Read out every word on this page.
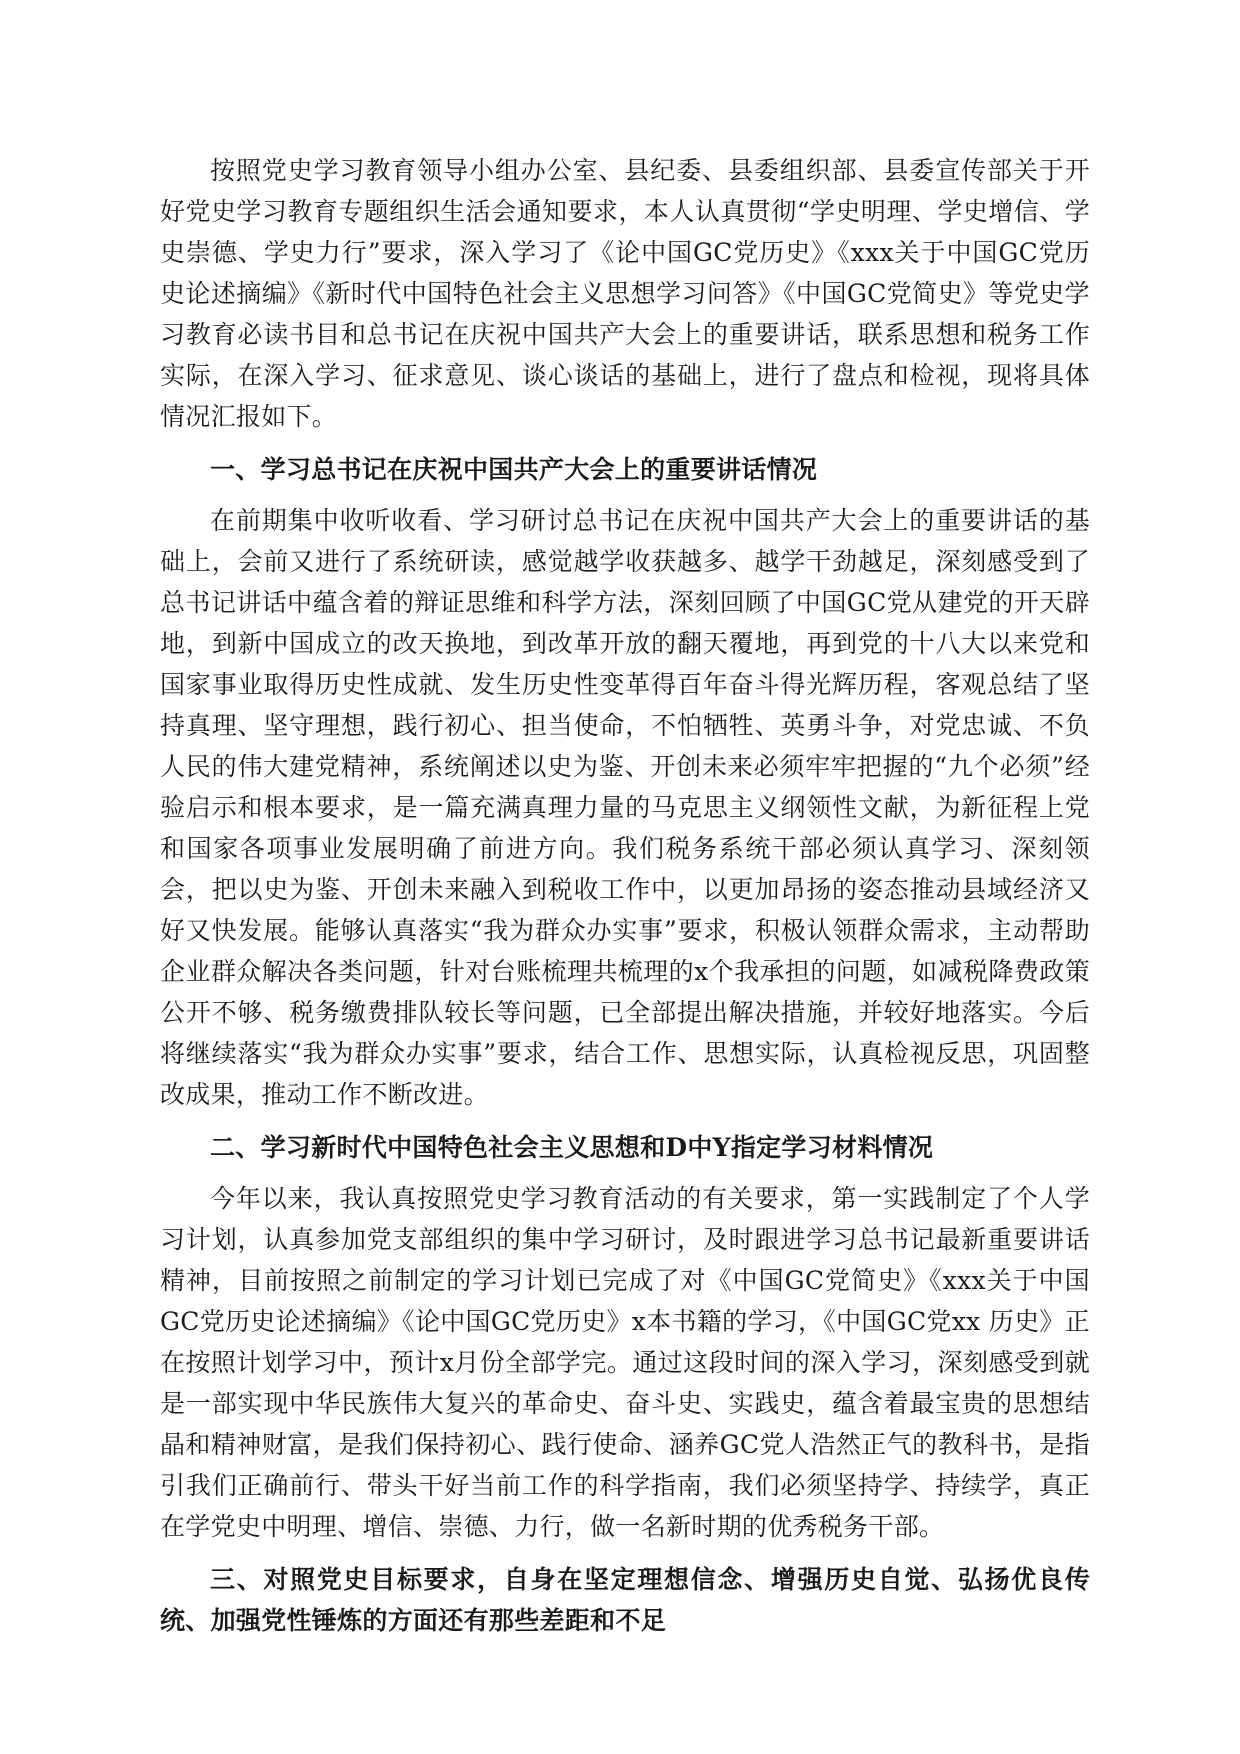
按照党史学习教育领导小组办公室、县纪委、县委组织部、县委宣传部关于开好党史学习教育专题组织生活会通知要求，本人认真贯彻“学史明理、学史增信、学史崇德、学史力行”要求，深入学习了《论中国GC党历史》《xxx关于中国GC党历史论述摘编》《新时代中国特色社会主义思想学习问答》《中国GC党简史》等党史学习教育必读书目和总书记在庆祝中国共产大会上的重要讲话，联系思想和税务工作实际，在深入学习、征求意见、谈心谈话的基础上，进行了盘点和检视，现将具体情况汇报如下。

一、学习总书记在庆祝中国共产大会上的重要讲话情况

在前期集中收听收看、学习研讨总书记在庆祝中国共产大会上的重要讲话的基础上，会前又进行了系统研读，感觉越学收获越多、越学干劲越足，深刻感受到了总书记讲话中蕴含着的辩证思维和科学方法，深刻回顾了中国GC党从建党的开天辟地，到新中国成立的改天换地，到改革开放的翻天覆地，再到党的十八大以来党和国家事业取得历史性成就、发生历史性变革得百年奋斗得光辉历程，客观总结了坚持真理、坚守理想，践行初心、担当使命，不怕牺牲、英勇斗争，对党忠诚、不负人民的伟大建党精神，系统阐述以史为鉴、开创未来必须牢牢把握的“九个必须”经验启示和根本要求，是一篇充满真理力量的马克思主义纲领性文献，为新征程上党和国家各项事业发展明确了前进方向。我们税务系统干部必须认真学习、深刻领会，把以史为鉴、开创未来融入到税收工作中，以更加昂扬的姿态推动县域经济又好又快发展。能够认真落实“我为群众办实事”要求，积极认领群众需求，主动帮助企业群众解决各类问题，针对台账梳理共梳理的x个我承担的问题，如减税降费政策公开不够、税务缴费排队较长等问题，已全部提出解决措施，并较好地落实。今后将继续落实“我为群众办实事”要求，结合工作、思想实际，认真检视反思，巩固整改成果，推动工作不断改进。

二、学习新时代中国特色社会主义思想和D中Y指定学习材料情况

今年以来，我认真按照党史学习教育活动的有关要求，第一实践制定了个人学习计划，认真参加党支部组织的集中学习研讨，及时跟进学习总书记最新重要讲话精神，目前按照之前制定的学习计划已完成了对《中国GC党简史》《xxx关于中国GC党历史论述摘编》《论中国GC党历史》x本书籍的学习，《中国GC党xx 历史》正在按照计划学习中，预计x月份全部学完。通过这段时间的深入学习，深刻感受到就是一部实现中华民族伟大复兴的革命史、奋斗史、实践史，蕴含着最宝贵的思想结晶和精神财富，是我们保持初心、践行使命、涵养GC党人浩然正气的教科书，是指引我们正确前行、带头干好当前工作的科学指南，我们必须坚持学、持续学，真正在学党史中明理、增信、崇德、力行，做一名新时期的优秀税务干部。

三、对照党史目标要求，自身在坚定理想信念、增强历史自觉、弘扬优良传统、加强党性锤炼的方面还有那些差距和不足
